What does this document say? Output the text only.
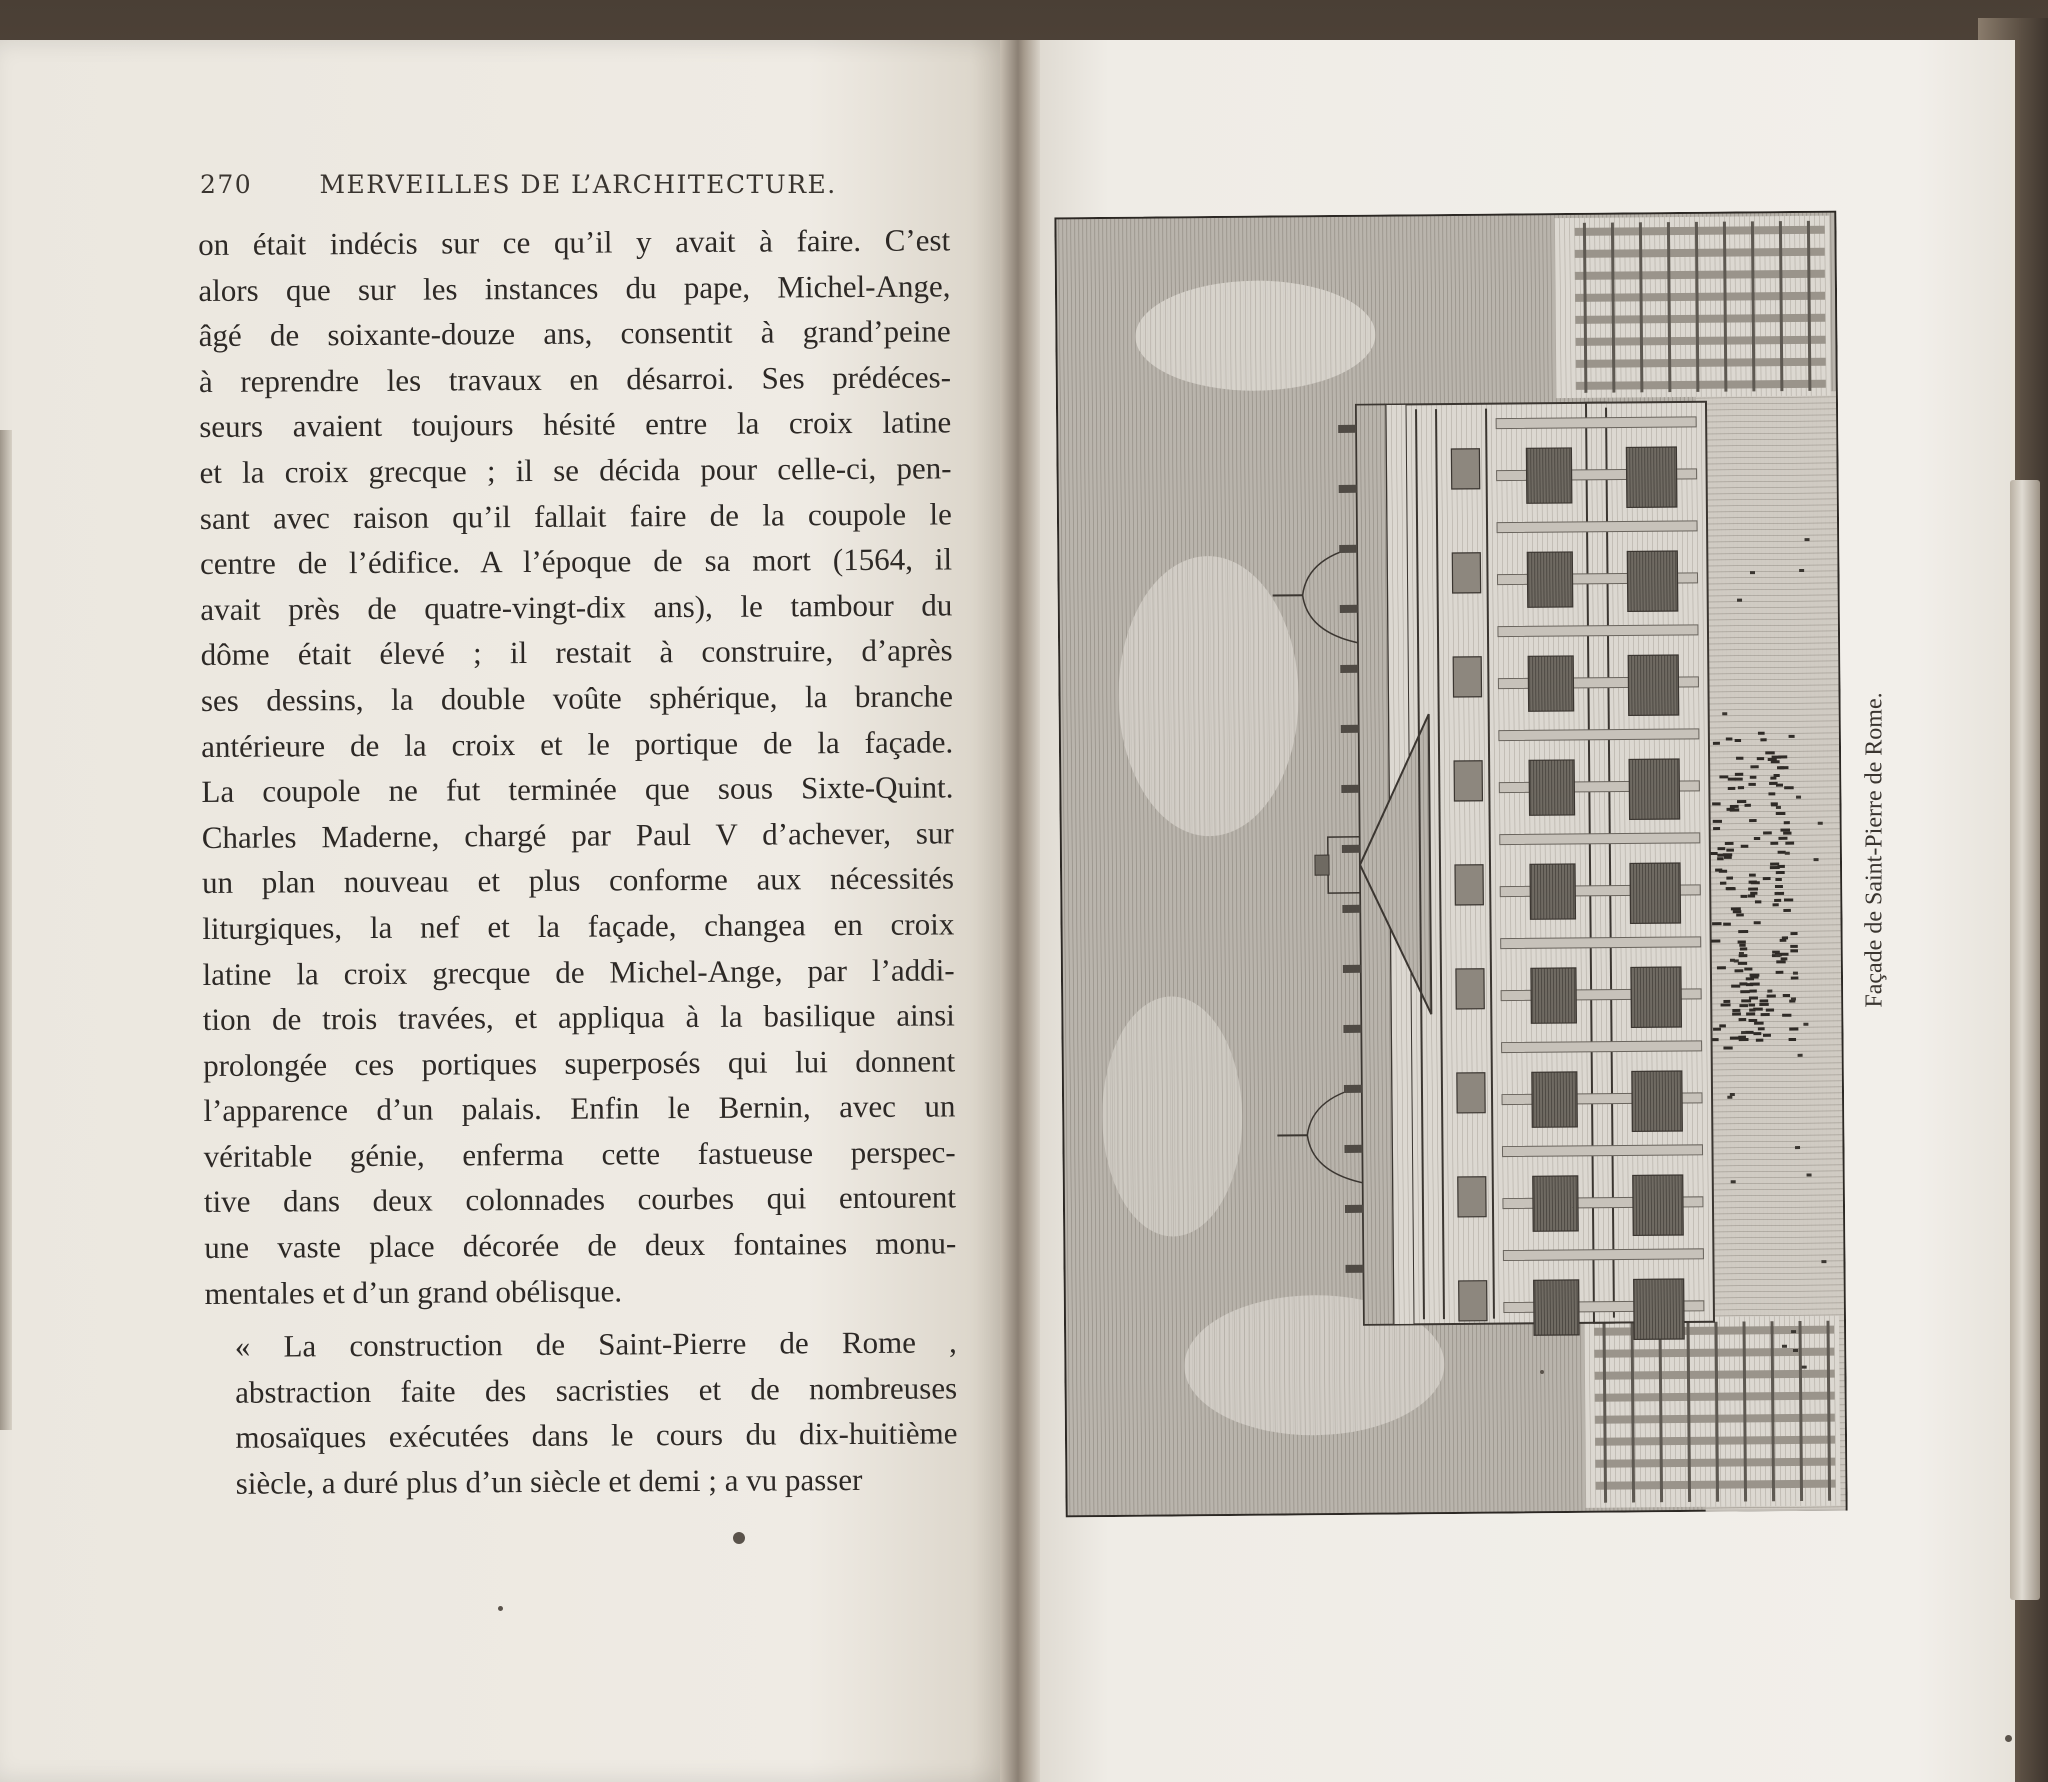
270	MERVEILLES DE L’ARCHITECTURE.
on était indécis sur ce qu’il y avait à faire. C’est
alors que sur les instances du pape, Michel-Ange,
âgé de soixante-douze ans, consentit à grand’peine
à reprendre les travaux en désarroi. Ses prédéces-
seurs avaient toujours hésité entre la croix latine
et la croix grecque ; il se décida pour celle-ci, pen-
sant avec raison qu’il fallait faire de la coupole le
centre de l’édifice. A l’époque de sa mort (1564, il
avait près de quatre-vingt-dix ans), le tambour du
dôme était élevé ; il restait à construire, d’après
ses dessins, la double voûte sphérique, la branche
antérieure de la croix et le portique de la façade.
La coupole ne fut terminée que sous Sixte-Quint.
Charles Maderne, chargé par Paul V d’achever, sur
un plan nouveau et plus conforme aux nécessités
liturgiques, la nef et la façade, changea en croix
latine la croix grecque de Michel-Ange, par l’addi-
tion de trois travées, et appliqua à la basilique ainsi
prolongée ces portiques superposés qui lui donnent
l’apparence d’un palais. Enfin le Bernin, avec un
véritable génie, enferma cette fastueuse perspec-
tive dans deux colonnades courbes qui entourent
une vaste place décorée de deux fontaines monu-
mentales et d’un grand obélisque.
« La construction de Saint-Pierre de Rome ,
abstraction faite des sacristies et de nombreuses
mosaïques exécutées dans le cours du dix-huitième
siècle, a duré plus d’un siècle et demi ; a vu passer
Façade de Saint-Pierre de Rome.
